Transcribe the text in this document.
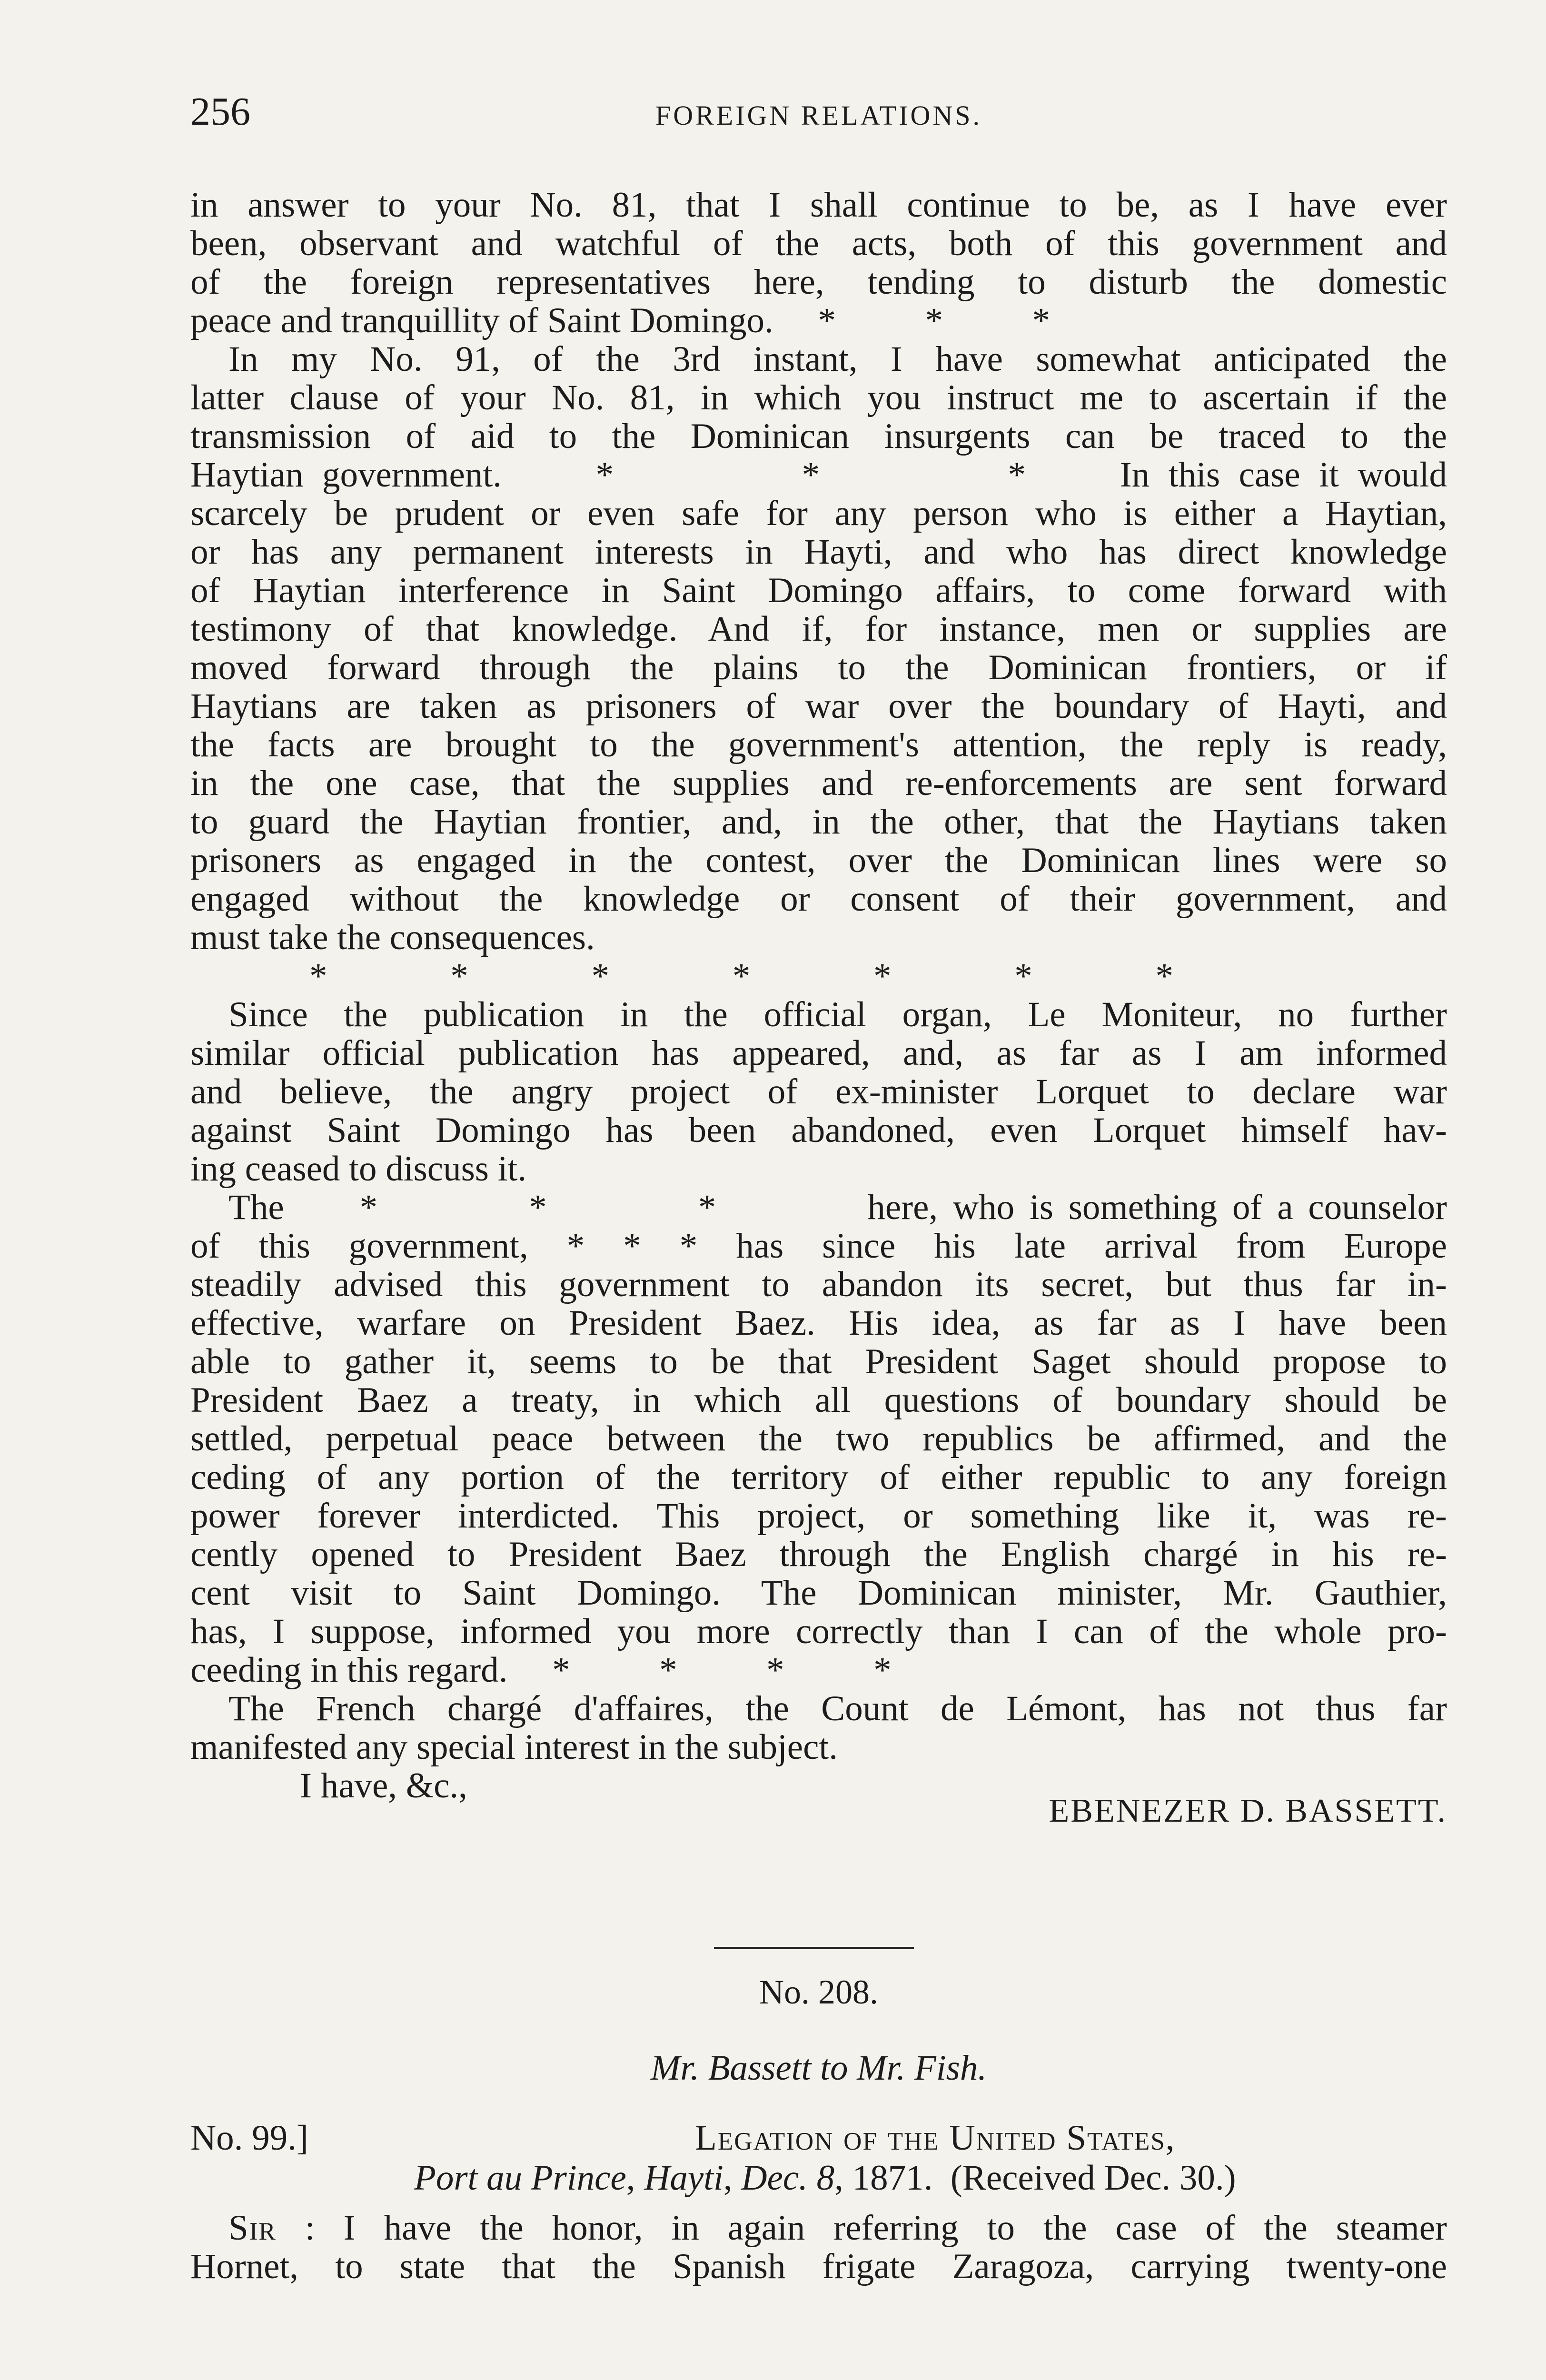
256	FOREIGN RELATIONS.
in answer to your No. 81, that I shall continue to be, as I have ever
been, observant and watchful of the acts, both of this government and
of the foreign representatives here, tending to disturb the domestic
peace and tranquillity of Saint Domingo.     *          *          *
In my No. 91, of the 3rd instant, I have somewhat anticipated the
latter clause of your No. 81, in which you instruct me to ascertain if the
transmission of aid to the Dominican insurgents can be traced to the
Haytian government.     *          *          *     In this case it would
scarcely be prudent or even safe for any person who is either a Haytian,
or has any permanent interests in Hayti, and who has direct knowledge
of Haytian interference in Saint Domingo affairs, to come forward with
testimony of that knowledge. And if, for instance, men or supplies are
moved forward through the plains to the Dominican frontiers, or if
Haytians are taken as prisoners of war over the boundary of Hayti, and
the facts are brought to the government's attention, the reply is ready,
in the one case, that the supplies and re-enforcements are sent forward
to guard the Haytian frontier, and, in the other, that the Haytians taken
prisoners as engaged in the contest, over the Dominican lines were so
engaged without the knowledge or consent of their government, and
must take the consequences.
* * * * * * *
Since the publication in the official organ, Le Moniteur, no further
similar official publication has appeared, and, as far as I am informed
and believe, the angry project of ex-minister Lorquet to declare war
against Saint Domingo has been abandoned, even Lorquet himself hav-
ing ceased to discuss it.
The     *          *          *          here, who is something of a counselor
of this government, * * * has since his late arrival from Europe
steadily advised this government to abandon its secret, but thus far in-
effective, warfare on President Baez. His idea, as far as I have been
able to gather it, seems to be that President Saget should propose to
President Baez a treaty, in which all questions of boundary should be
settled, perpetual peace between the two republics be affirmed, and the
ceding of any portion of the territory of either republic to any foreign
power forever interdicted. This project, or something like it, was re-
cently opened to President Baez through the English chargé in his re-
cent visit to Saint Domingo. The Dominican minister, Mr. Gauthier,
has, I suppose, informed you more correctly than I can of the whole pro-
ceeding in this regard.     *          *          *          *
The French chargé d'affaires, the Count de Lémont, has not thus far
manifested any special interest in the subject.
I have, &c.,
EBENEZER D. BASSETT.
No. 208.
Mr. Bassett to Mr. Fish.
No. 99.]	Legation of the United States,
Port au Prince, Hayti, Dec. 8, 1871. (Received Dec. 30.)
Sir : I have the honor, in again referring to the case of the steamer
Hornet, to state that the Spanish frigate Zaragoza, carrying twenty-one
